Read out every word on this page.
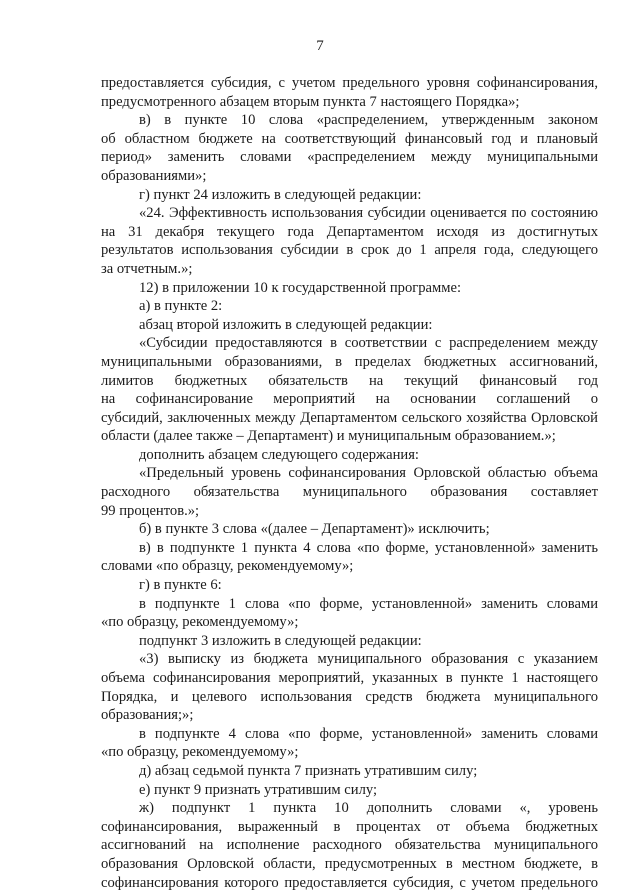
7
предоставляется субсидия, с учетом предельного уровня софинансирования,
предусмотренного абзацем вторым пункта 7 настоящего Порядка»;
в) в пункте 10 слова «распределением, утвержденным законом
об областном бюджете на соответствующий финансовый год и плановый
период» заменить словами «распределением между муниципальными
образованиями»;
г) пункт 24 изложить в следующей редакции:
«24. Эффективность использования субсидии оценивается по состоянию
на 31 декабря текущего года Департаментом исходя из достигнутых
результатов использования субсидии в срок до 1 апреля года, следующего
за отчетным.»;
12) в приложении 10 к государственной программе:
а) в пункте 2:
абзац второй изложить в следующей редакции:
«Субсидии предоставляются в соответствии с распределением между
муниципальными образованиями, в пределах бюджетных ассигнований,
лимитов бюджетных обязательств на текущий финансовый год
на софинансирование мероприятий на основании соглашений о
субсидий, заключенных между Департаментом сельского хозяйства Орловской
области (далее также – Департамент) и муниципальным образованием.»;
дополнить абзацем следующего содержания:
«Предельный уровень софинансирования Орловской областью объема
расходного обязательства муниципального образования составляет
99 процентов.»;
б) в пункте 3 слова «(далее – Департамент)» исключить;
в) в подпункте 1 пункта 4 слова «по форме, установленной» заменить
словами «по образцу, рекомендуемому»;
г) в пункте 6:
в подпункте 1 слова «по форме, установленной» заменить словами
«по образцу, рекомендуемому»;
подпункт 3 изложить в следующей редакции:
«3) выписку из бюджета муниципального образования с указанием
объема софинансирования мероприятий, указанных в пункте 1 настоящего
Порядка, и целевого использования средств бюджета муниципального
образования;»;
в подпункте 4 слова «по форме, установленной» заменить словами
«по образцу, рекомендуемому»;
д) абзац седьмой пункта 7 признать утратившим силу;
е) пункт 9 признать утратившим силу;
ж) подпункт 1 пункта 10 дополнить словами «, уровень
софинансирования, выраженный в процентах от объема бюджетных
ассигнований на исполнение расходного обязательства муниципального
образования Орловской области, предусмотренных в местном бюджете, в
софинансирования которого предоставляется субсидия, с учетом предельного
